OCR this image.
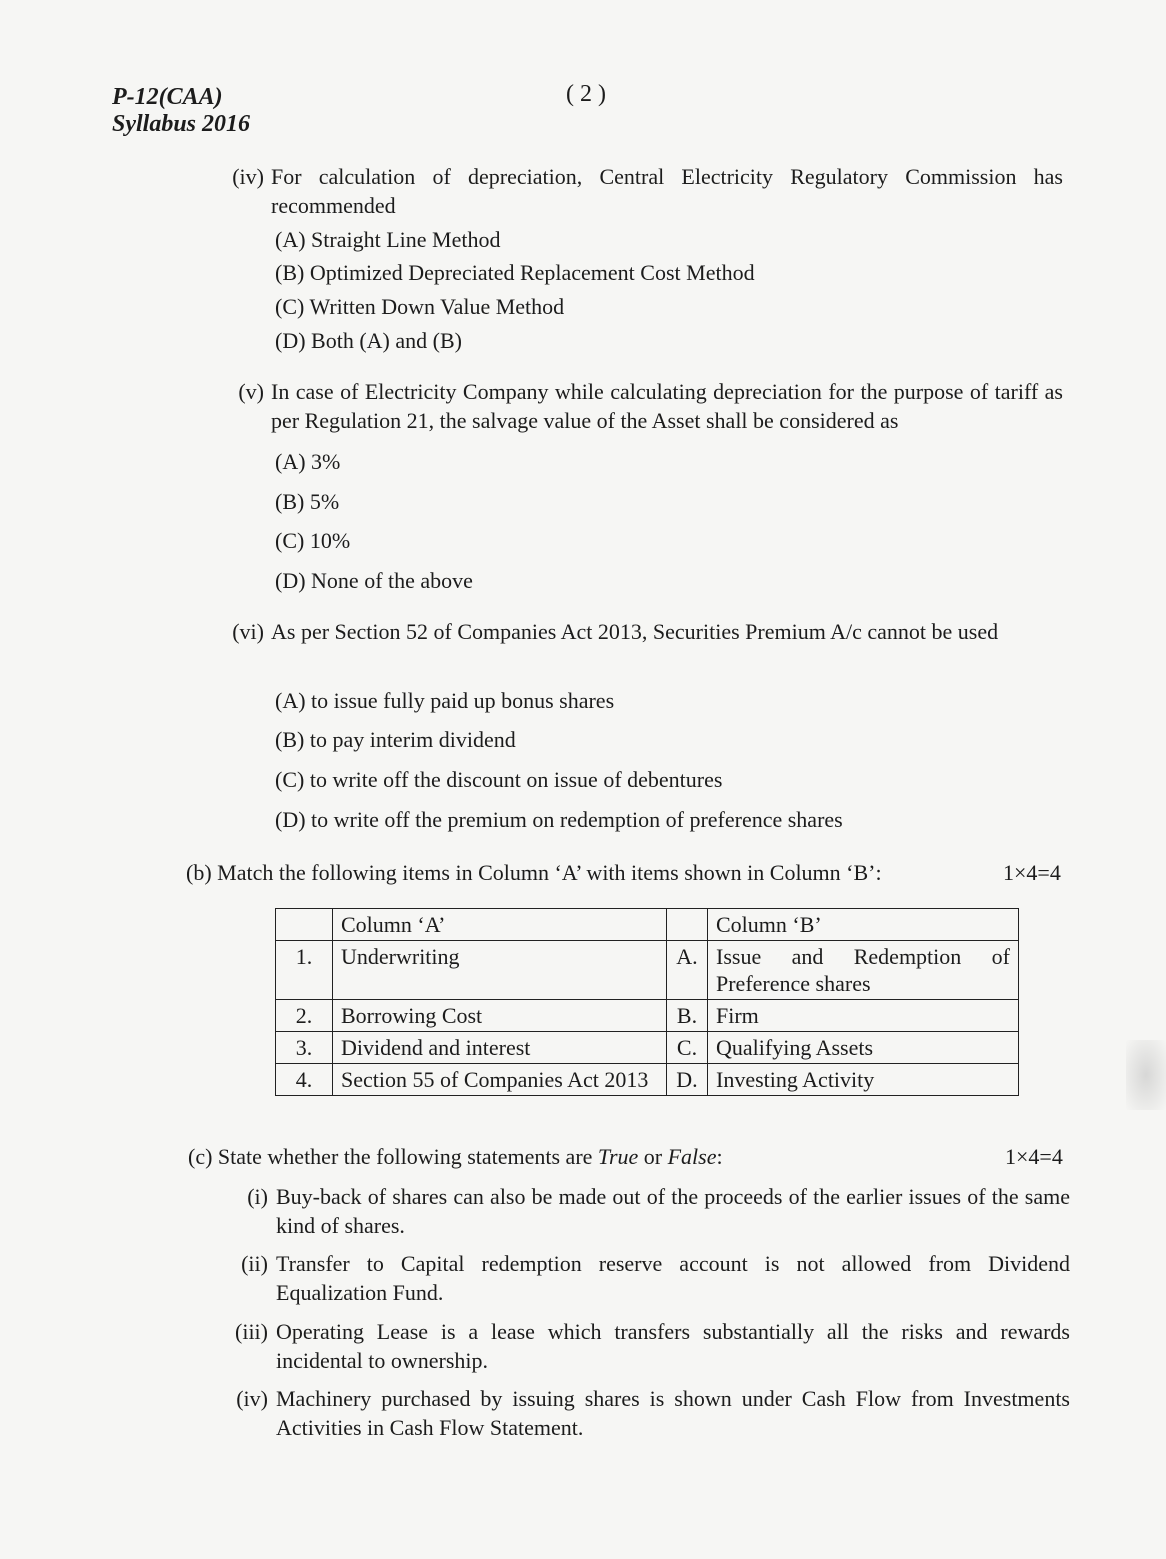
P-12(CAA)
Syllabus 2016
( 2 )
(iv) For calculation of depreciation, Central Electricity Regulatory Commission has recommended
(A) Straight Line Method
(B) Optimized Depreciated Replacement Cost Method
(C) Written Down Value Method
(D) Both (A) and (B)
(v) In case of Electricity Company while calculating depreciation for the purpose of tariff as per Regulation 21, the salvage value of the Asset shall be considered as
(A) 3%
(B) 5%
(C) 10%
(D) None of the above
(vi) As per Section 52 of Companies Act 2013, Securities Premium A/c cannot be used
(A) to issue fully paid up bonus shares
(B) to pay interim dividend
(C) to write off the discount on issue of debentures
(D) to write off the premium on redemption of preference shares
(b) Match the following items in Column ‘A’ with items shown in Column ‘B’:	1×4=4
	Column ‘A’		Column ‘B’
1.	Underwriting	A.	Issue and Redemption of Preference shares
2.	Borrowing Cost	B.	Firm
3.	Dividend and interest	C.	Qualifying Assets
4.	Section 55 of Companies Act 2013	D.	Investing Activity
(c) State whether the following statements are True or False:	1×4=4
(i) Buy-back of shares can also be made out of the proceeds of the earlier issues of the same kind of shares.
(ii) Transfer to Capital redemption reserve account is not allowed from Dividend Equalization Fund.
(iii) Operating Lease is a lease which transfers substantially all the risks and rewards incidental to ownership.
(iv) Machinery purchased by issuing shares is shown under Cash Flow from Investments Activities in Cash Flow Statement.
